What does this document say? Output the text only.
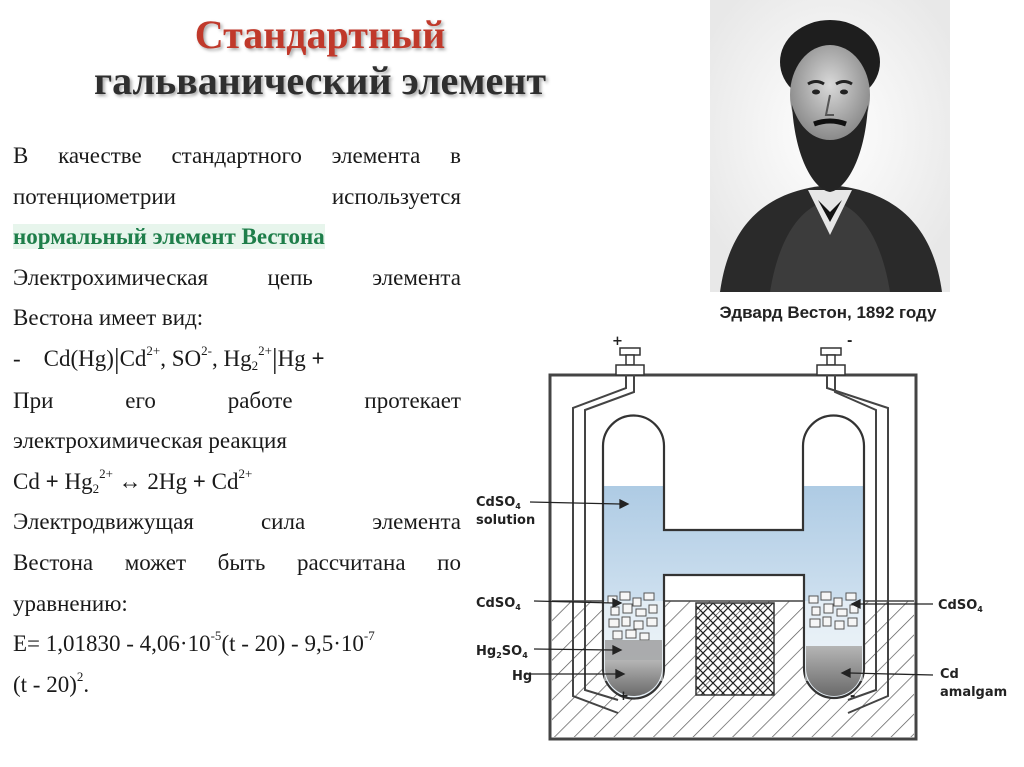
Стандартный
гальванический элемент
В качестве стандартного элемента в
потенциометрии	используется
нормальный элемент Вестона
Электрохимическая	цепь	элемента
Вестона имеет вид:
- $Cd(Hg)|Cd^{2+}$, $SO^{2-}$, $Hg_2^{2+}|Hg$ +
При	его	работе	протекает
электрохимическая реакция
$Cd + Hg_2^{2+}$ ↔ $2Hg + Cd^{2+}$
Электродвижущая	сила	элемента
Вестона может быть рассчитана по
уравнению:
$E= 1,01830 - 4,06\cdot 10^{-5}(t - 20) - 9,5\cdot 10^{-7}$
(t - 20)$^2$.
Эдвард Вестон, 1892 году
+	-
+	-
CdSO$_4$
solution
CdSO$_4$
$Hg_2SO_4$
Hg
CdSO$_4$
Cd
amalgam
